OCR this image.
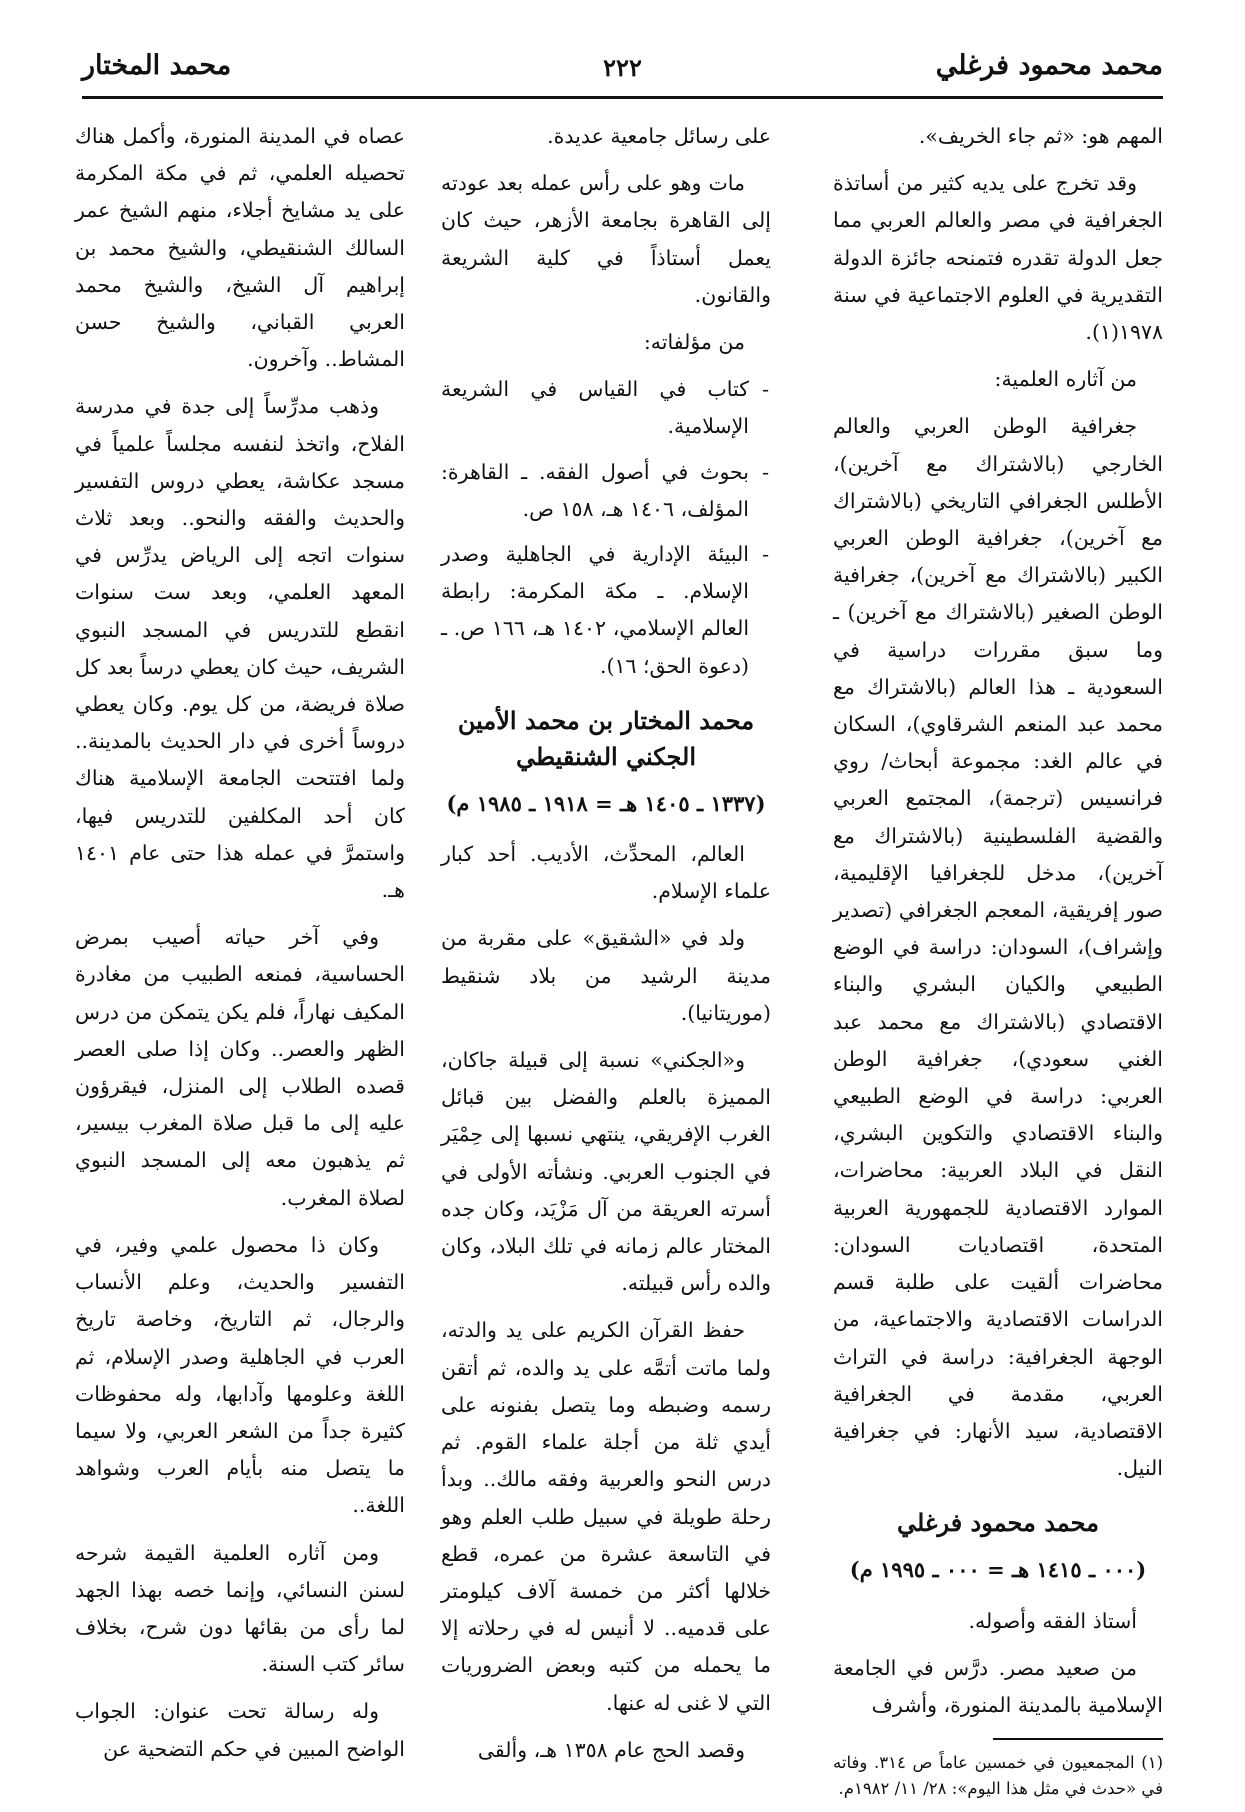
محمد محمود فرغلي
٢٢٢
محمد المختار

المهم هو: «ثم جاء الخريف».

وقد تخرج على يديه كثير من أساتذة الجغرافية في مصر والعالم العربي مما جعل الدولة تقدره فتمنحه جائزة الدولة التقديرية في العلوم الاجتماعية في سنة ١٩٧٨(١).

من آثاره العلمية:

جغرافية الوطن العربي والعالم الخارجي (بالاشتراك مع آخرين)، الأطلس الجغرافي التاريخي (بالاشتراك مع آخرين)، جغرافية الوطن العربي الكبير (بالاشتراك مع آخرين)، جغرافية الوطن الصغير (بالاشتراك مع آخرين) ـ وما سبق مقررات دراسية في السعودية ـ هذا العالم (بالاشتراك مع محمد عبد المنعم الشرقاوي)، السكان في عالم الغد: مجموعة أبحاث/ روي فرانسيس (ترجمة)، المجتمع العربي والقضية الفلسطينية (بالاشتراك مع آخرين)، مدخل للجغرافيا الإقليمية، صور إفريقية، المعجم الجغرافي (تصدير وإشراف)، السودان: دراسة في الوضع الطبيعي والكيان البشري والبناء الاقتصادي (بالاشتراك مع محمد عبد الغني سعودي)، جغرافية الوطن العربي: دراسة في الوضع الطبيعي والبناء الاقتصادي والتكوين البشري، النقل في البلاد العربية: محاضرات، الموارد الاقتصادية للجمهورية العربية المتحدة، اقتصاديات السودان: محاضرات ألقيت على طلبة قسم الدراسات الاقتصادية والاجتماعية، من الوجهة الجغرافية: دراسة في التراث العربي، مقدمة في الجغرافية الاقتصادية، سيد الأنهار: في جغرافية النيل.

محمد محمود فرغلي

(٠٠٠ ـ ١٤١٥ هـ = ٠٠٠ ـ ١٩٩٥ م)

أستاذ الفقه وأصوله.

من صعيد مصر. درَّس في الجامعة الإسلامية بالمدينة المنورة، وأشرف

(١) المجمعيون في خمسين عاماً ص ٣١٤. وفاته في «حدث في مثل هذا اليوم»: ٢٨/ ١١/ ١٩٨٢م.

على رسائل جامعية عديدة.

مات وهو على رأس عمله بعد عودته إلى القاهرة بجامعة الأزهر، حيث كان يعمل أستاذاً في كلية الشريعة والقانون.

من مؤلفاته:

- كتاب في القياس في الشريعة الإسلامية.
- بحوث في أصول الفقه. ـ القاهرة: المؤلف، ١٤٠٦ هـ، ١٥٨ ص.
- البيئة الإدارية في الجاهلية وصدر الإسلام. ـ مكة المكرمة: رابطة العالم الإسلامي، ١٤٠٢ هـ، ١٦٦ ص. ـ (دعوة الحق؛ ١٦).

محمد المختار بن محمد الأمين الجكني الشنقيطي

(١٣٣٧ ـ ١٤٠٥ هـ = ١٩١٨ ـ ١٩٨٥ م)

العالم، المحدِّث، الأديب. أحد كبار علماء الإسلام.

ولد في «الشقيق» على مقربة من مدينة الرشيد من بلاد شنقيط (موريتانيا).

و«الجكني» نسبة إلى قبيلة جاكان، المميزة بالعلم والفضل بين قبائل الغرب الإفريقي، ينتهي نسبها إلى حِمْيَر في الجنوب العربي. ونشأته الأولى في أسرته العريقة من آل مَزْيَد، وكان جده المختار عالم زمانه في تلك البلاد، وكان والده رأس قبيلته.

حفظ القرآن الكريم على يد والدته، ولما ماتت أتمَّه على يد والده، ثم أتقن رسمه وضبطه وما يتصل بفنونه على أيدي ثلة من أجلة علماء القوم. ثم درس النحو والعربية وفقه مالك.. وبدأ رحلة طويلة في سبيل طلب العلم وهو في التاسعة عشرة من عمره، قطع خلالها أكثر من خمسة آلاف كيلومتر على قدميه.. لا أنيس له في رحلاته إلا ما يحمله من كتبه وبعض الضروريات التي لا غنى له عنها.

وقصد الحج عام ١٣٥٨ هـ، وألقى

عصاه في المدينة المنورة، وأكمل هناك تحصيله العلمي، ثم في مكة المكرمة على يد مشايخ أجلاء، منهم الشيخ عمر السالك الشنقيطي، والشيخ محمد بن إبراهيم آل الشيخ، والشيخ محمد العربي القباني، والشيخ حسن المشاط.. وآخرون.

وذهب مدرِّساً إلى جدة في مدرسة الفلاح، واتخذ لنفسه مجلساً علمياً في مسجد عكاشة، يعطي دروس التفسير والحديث والفقه والنحو.. وبعد ثلاث سنوات اتجه إلى الرياض يدرِّس في المعهد العلمي، وبعد ست سنوات انقطع للتدريس في المسجد النبوي الشريف، حيث كان يعطي درساً بعد كل صلاة فريضة، من كل يوم. وكان يعطي دروساً أخرى في دار الحديث بالمدينة.. ولما افتتحت الجامعة الإسلامية هناك كان أحد المكلفين للتدريس فيها، واستمرَّ في عمله هذا حتى عام ١٤٠١ هـ.

وفي آخر حياته أصيب بمرض الحساسية، فمنعه الطبيب من مغادرة المكيف نهاراً، فلم يكن يتمكن من درس الظهر والعصر.. وكان إذا صلى العصر قصده الطلاب إلى المنزل، فيقرؤون عليه إلى ما قبل صلاة المغرب بيسير، ثم يذهبون معه إلى المسجد النبوي لصلاة المغرب.

وكان ذا محصول علمي وفير، في التفسير والحديث، وعلم الأنساب والرجال، ثم التاريخ، وخاصة تاريخ العرب في الجاهلية وصدر الإسلام، ثم اللغة وعلومها وآدابها، وله محفوظات كثيرة جداً من الشعر العربي، ولا سيما ما يتصل منه بأيام العرب وشواهد اللغة..

ومن آثاره العلمية القيمة شرحه لسنن النسائي، وإنما خصه بهذا الجهد لما رأى من بقائها دون شرح، بخلاف سائر كتب السنة.

وله رسالة تحت عنوان: الجواب الواضح المبين في حكم التضحية عن
